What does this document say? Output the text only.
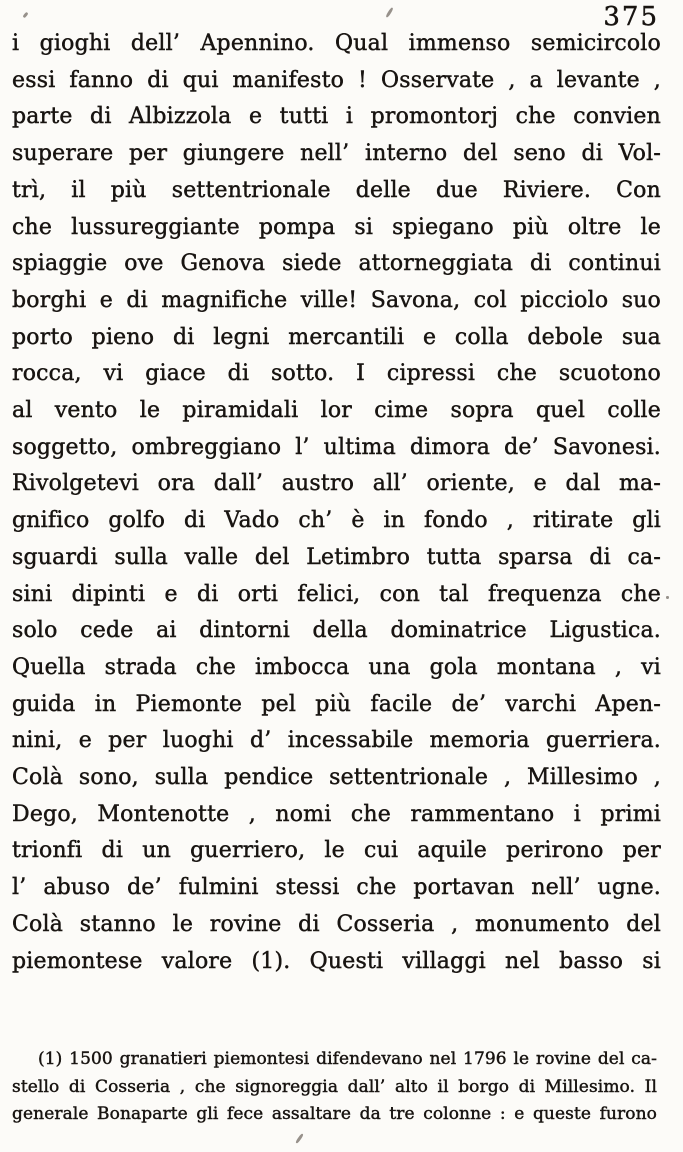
375
i gioghi dell’ Apennino. Qual immenso semicircolo
essi fanno di qui manifesto ! Osservate , a levante ,
parte di Albizzola e tutti i promontorj che convien
superare per giungere nell’ interno del seno di Vol-
trì, il più settentrionale delle due Riviere. Con
che lussureggiante pompa si spiegano più oltre le
spiaggie ove Genova siede attorneggiata di continui
borghi e di magnifiche ville! Savona, col picciolo suo
porto pieno di legni mercantili e colla debole sua
rocca, vi giace di sotto. I cipressi che scuotono
al vento le piramidali lor cime sopra quel colle
soggetto, ombreggiano l’ ultima dimora de’ Savonesi.
Rivolgetevi ora dall’ austro all’ oriente, e dal ma-
gnifico golfo di Vado ch’ è in fondo , ritirate gli
sguardi sulla valle del Letimbro tutta sparsa di ca-
sini dipinti e di orti felici, con tal frequenza che
solo cede ai dintorni della dominatrice Ligustica.
Quella strada che imbocca una gola montana , vi
guida in Piemonte pel più facile de’ varchi Apen-
nini, e per luoghi d’ incessabile memoria guerriera.
Colà sono, sulla pendice settentrionale , Millesimo ,
Dego, Montenotte , nomi che rammentano i primi
trionfi di un guerriero, le cui aquile perirono per
l’ abuso de’ fulmini stessi che portavan nell’ ugne.
Colà stanno le rovine di Cosseria , monumento del
piemontese valore (1). Questi villaggi nel basso si
(1) 1500 granatieri piemontesi difendevano nel 1796 le rovine del ca-
stello di Cosseria , che signoreggia dall’ alto il borgo di Millesimo. Il
generale Bonaparte gli fece assaltare da tre colonne : e queste furono
